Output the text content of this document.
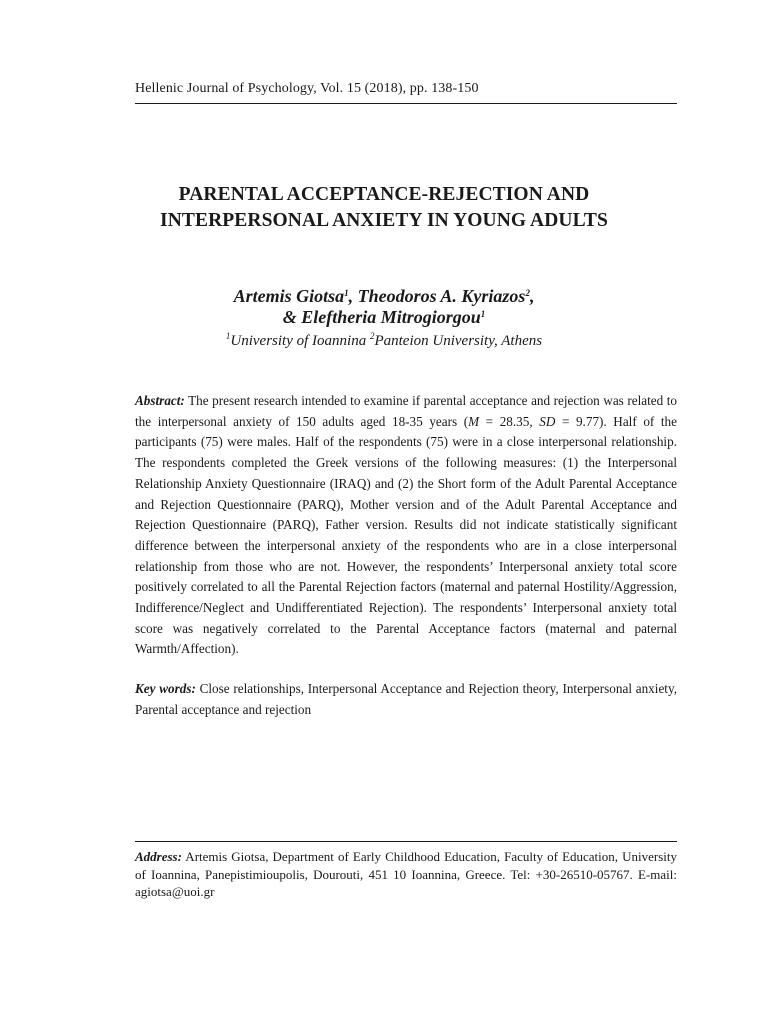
Hellenic Journal of Psychology, Vol. 15 (2018), pp. 138-150
PARENTAL ACCEPTANCE-REJECTION AND
INTERPERSONAL ANXIETY IN YOUNG ADULTS
Artemis Giotsa$^1$, Theodoros A. Kyriazos$^2$,
& Eleftheria Mitrogiorgou$^1$
$^1$University of Ioannina $^2$Panteion University, Athens

Abstract: The present research intended to examine if parental acceptance and rejection was related to the interpersonal anxiety of 150 adults aged 18-35 years (M = 28.35, SD = 9.77). Half of the participants (75) were males. Half of the respondents (75) were in a close interpersonal relationship. The respondents completed the Greek versions of the following measures: (1) the Interpersonal Relationship Anxiety Questionnaire (IRAQ) and (2) the Short form of the Adult Parental Acceptance and Rejection Questionnaire (PARQ), Mother version and of the Adult Parental Acceptance and Rejection Questionnaire (PARQ), Father version. Results did not indicate statistically significant difference between the interpersonal anxiety of the respondents who are in a close interpersonal relationship from those who are not. However, the respondents’ Interpersonal anxiety total score positively correlated to all the Parental Rejection factors (maternal and paternal Hostility/Aggression, Indifference/Neglect and Undifferentiated Rejection). The respondents’ Interpersonal anxiety total score was negatively correlated to the Parental Acceptance factors (maternal and paternal Warmth/Affection).

Key words: Close relationships, Interpersonal Acceptance and Rejection theory, Interpersonal anxiety, Parental acceptance and rejection

Address: Artemis Giotsa, Department of Early Childhood Education, Faculty of Education, University of Ioannina, Panepistimioupolis, Dourouti, 451 10 Ioannina, Greece. Tel: +30-26510-05767. E-mail: agiotsa@uoi.gr
